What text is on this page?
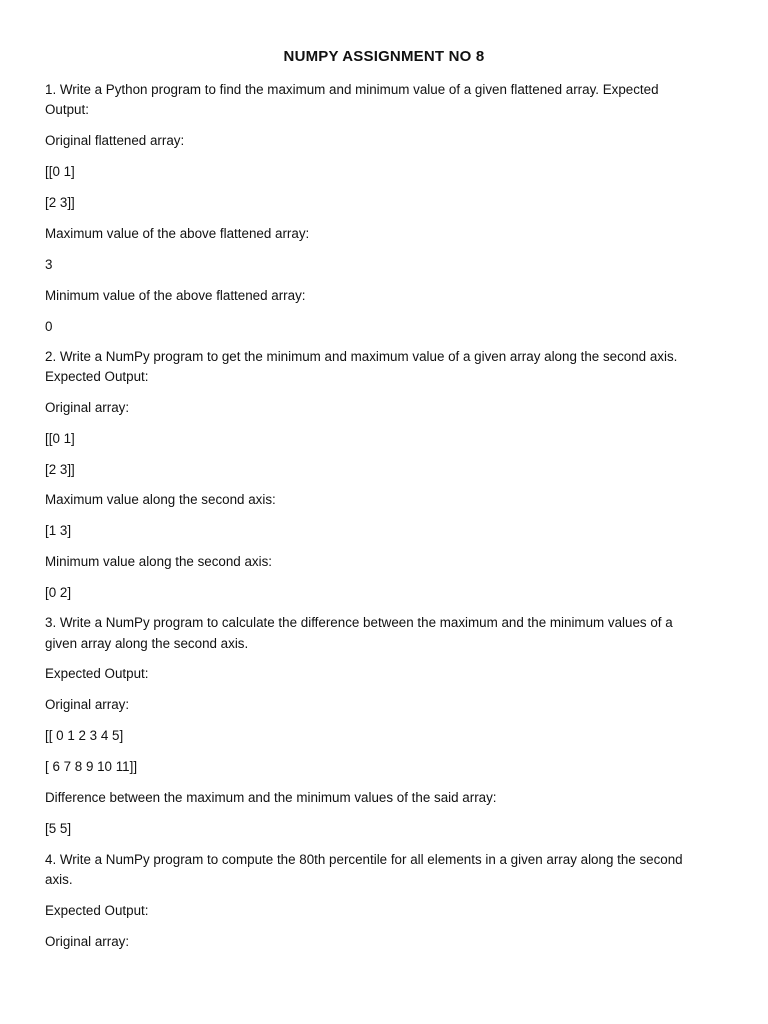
NUMPY ASSIGNMENT NO 8
1. Write a Python program to find the maximum and minimum value of a given flattened array. Expected
Output:
Original flattened array:
[[0 1]
[2 3]]
Maximum value of the above flattened array:
3
Minimum value of the above flattened array:
0
2. Write a NumPy program to get the minimum and maximum value of a given array along the second axis.
Expected Output:
Original array:
[[0 1]
[2 3]]
Maximum value along the second axis:
[1 3]
Minimum value along the second axis:
[0 2]
3. Write a NumPy program to calculate the difference between the maximum and the minimum values of a
given array along the second axis.
Expected Output:
Original array:
[[ 0 1 2 3 4 5]
[ 6 7 8 9 10 11]]
Difference between the maximum and the minimum values of the said array:
[5 5]
4. Write a NumPy program to compute the 80th percentile for all elements in a given array along the second
axis.
Expected Output:
Original array:
